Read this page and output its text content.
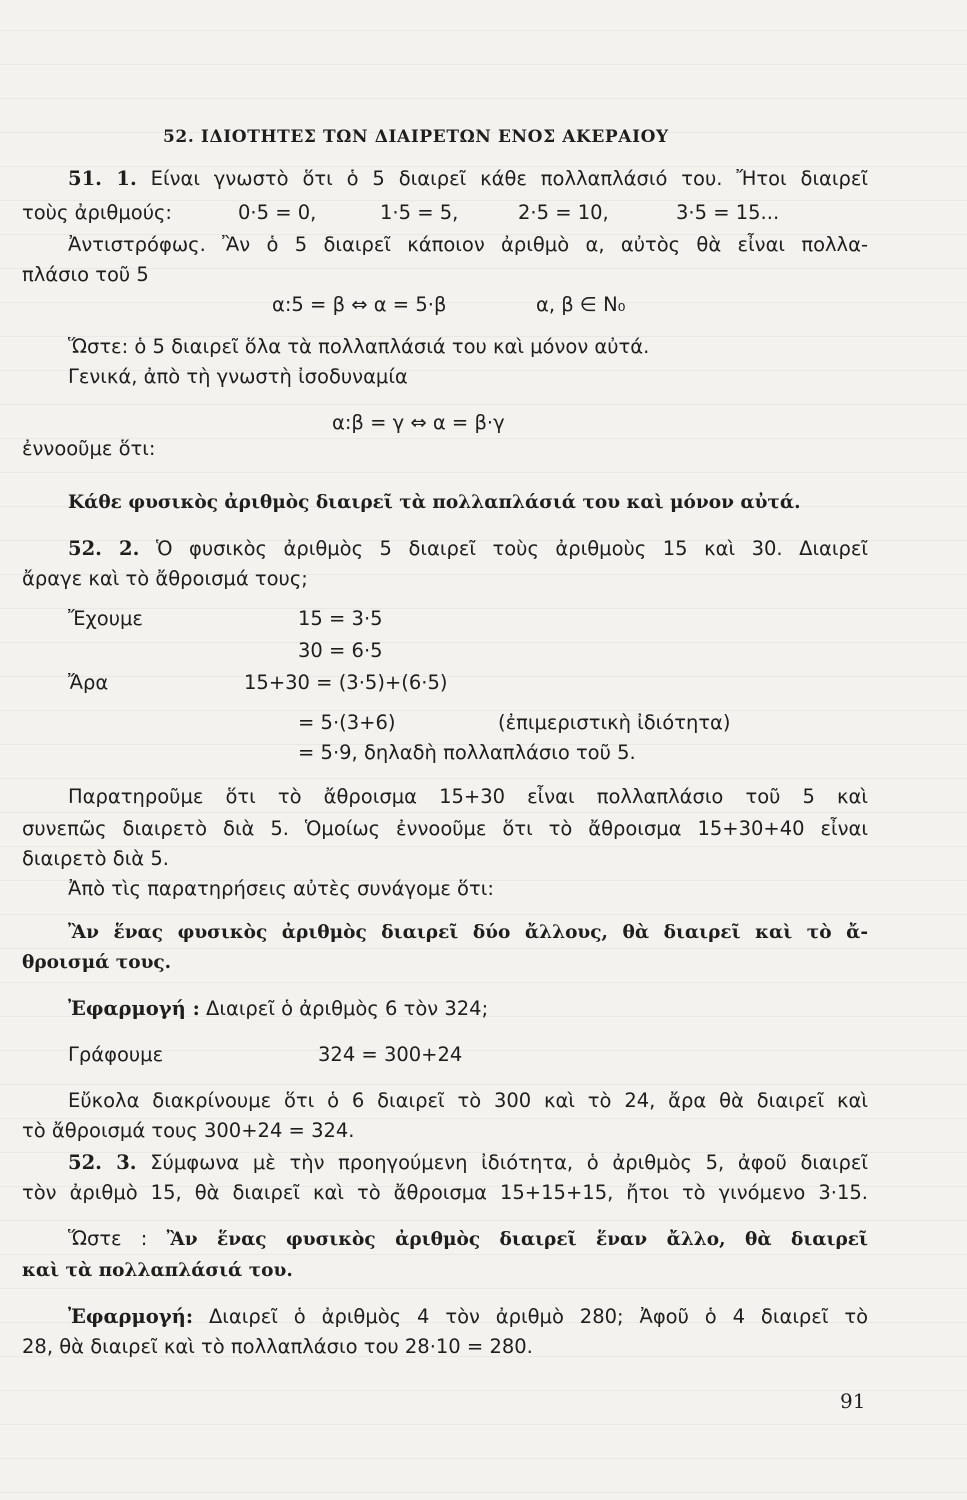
52. ΙΔΙΟΤΗΤΕΣ ΤΩΝ ΔΙΑΙΡΕΤΩΝ ΕΝΟΣ ΑΚΕΡΑΙΟΥ
51. 1. Είναι γνωστὸ ὅτι ὁ 5 διαιρεῖ κάθε πολλαπλάσιό του. Ἤτοι διαιρεῖ
τοὺς ἀριθμούς:	0·5 = 0,	1·5 = 5,	2·5 = 10,	3·5 = 15...
Ἀντιστρόφως. Ἂν ὁ 5 διαιρεῖ κάποιον ἀριθμὸ α, αὐτὸς θὰ εἶναι πολλα-
πλάσιο τοῦ 5
α:5 = β ⇔ α = 5·β	α, β ∈ N₀
Ὥστε: ὁ 5 διαιρεῖ ὅλα τὰ πολλαπλάσιά του καὶ μόνον αὐτά.
Γενικά, ἀπὸ τὴ γνωστὴ ἰσοδυναμία
α:β = γ ⇔ α = β·γ
ἐννοοῦμε ὅτι:
Κάθε φυσικὸς ἀριθμὸς διαιρεῖ τὰ πολλαπλάσιά του καὶ μόνον αὐτά.
52. 2. Ὁ φυσικὸς ἀριθμὸς 5 διαιρεῖ τοὺς ἀριθμοὺς 15 καὶ 30. Διαιρεῖ
ἄραγε καὶ τὸ ἄθροισμά τους;
Ἔχουμε	15 = 3·5
30 = 6·5
Ἄρα	15+30 = (3·5)+(6·5)
= 5·(3+6)	(ἐπιμεριστικὴ ἰδιότητα)
= 5·9, δηλαδὴ πολλαπλάσιο τοῦ 5.
Παρατηροῦμε ὅτι τὸ ἄθροισμα 15+30 εἶναι πολλαπλάσιο τοῦ 5 καὶ
συνεπῶς διαιρετὸ διὰ 5. Ὁμοίως ἐννοοῦμε ὅτι τὸ ἄθροισμα 15+30+40 εἶναι
διαιρετὸ διὰ 5.
Ἀπὸ τὶς παρατηρήσεις αὐτὲς συνάγομε ὅτι:
Ἂν ἕνας φυσικὸς ἀριθμὸς διαιρεῖ δύο ἄλλους, θὰ διαιρεῖ καὶ τὸ ἄ-
θροισμά τους.
Ἐφαρμογή : Διαιρεῖ ὁ ἀριθμὸς 6 τὸν 324;
Γράφουμε	324 = 300+24
Εὔκολα διακρίνουμε ὅτι ὁ 6 διαιρεῖ τὸ 300 καὶ τὸ 24, ἄρα θὰ διαιρεῖ καὶ
τὸ ἄθροισμά τους 300+24 = 324.
52. 3. Σύμφωνα μὲ τὴν προηγούμενη ἰδιότητα, ὁ ἀριθμὸς 5, ἀφοῦ διαιρεῖ
τὸν ἀριθμὸ 15, θὰ διαιρεῖ καὶ τὸ ἄθροισμα 15+15+15, ἤτοι τὸ γινόμενο 3·15.
Ὥστε : Ἂν ἕνας φυσικὸς ἀριθμὸς διαιρεῖ ἕναν ἄλλο, θὰ διαιρεῖ
καὶ τὰ πολλαπλάσιά του.
Ἐφαρμογή: Διαιρεῖ ὁ ἀριθμὸς 4 τὸν ἀριθμὸ 280; Ἀφοῦ ὁ 4 διαιρεῖ τὸ
28, θὰ διαιρεῖ καὶ τὸ πολλαπλάσιο του 28·10 = 280.
91
